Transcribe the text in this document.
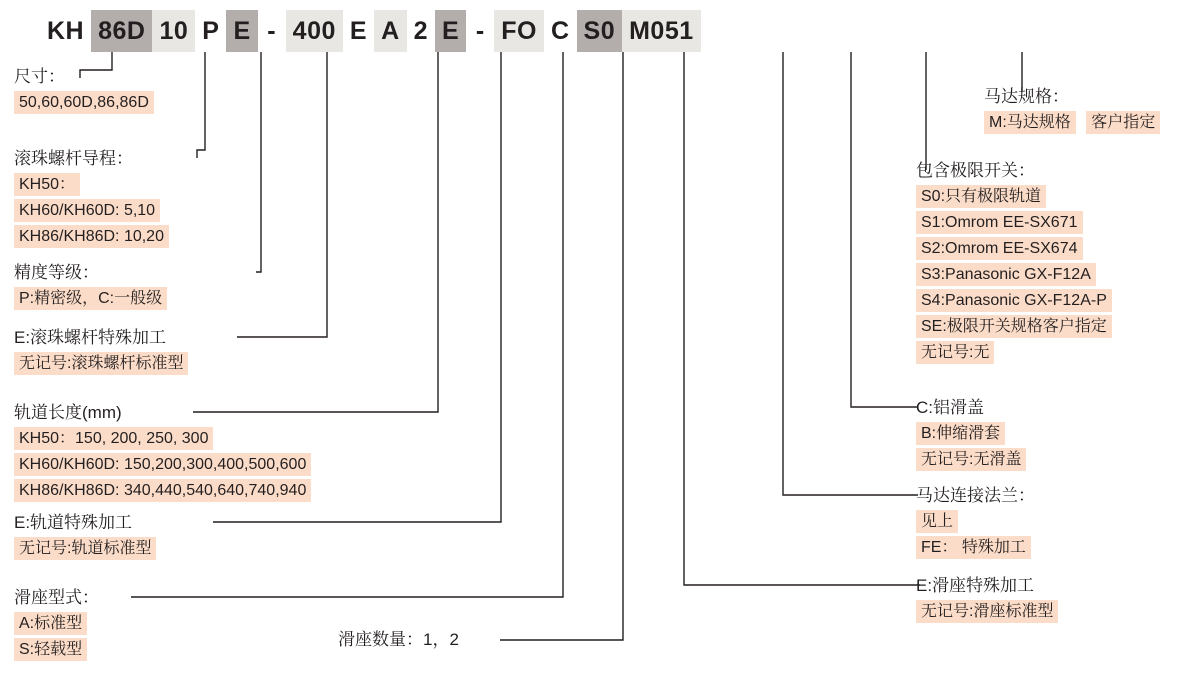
KH 86D 10 P E - 400 E A 2 E - FO C S0 M051
尺寸：
50,60,60D,86,86D
滚珠螺杆导程：
KH50：
KH60/KH60D: 5,10
KH86/KH86D: 10,20
精度等级：
P:精密级，C:一般级
E:滚珠螺杆特殊加工
无记号:滚珠螺杆标准型
轨道长度(mm)
KH50：150, 200, 250, 300
KH60/KH60D: 150,200,300,400,500,600
KH86/KH86D: 340,440,540,640,740,940
E:轨道特殊加工
无记号:轨道标准型
滑座型式：
A:标准型
S:轻载型
滑座数量：1，2
马达规格：
M:马达规格 客户指定
包含极限开关：
S0:只有极限轨道
S1:Omrom EE-SX671
S2:Omrom EE-SX674
S3:Panasonic GX-F12A
S4:Panasonic GX-F12A-P
SE:极限开关规格客户指定
无记号:无
C:铝滑盖
B:伸缩滑套
无记号:无滑盖
马达连接法兰：
见上
FE： 特殊加工
E:滑座特殊加工
无记号:滑座标准型
